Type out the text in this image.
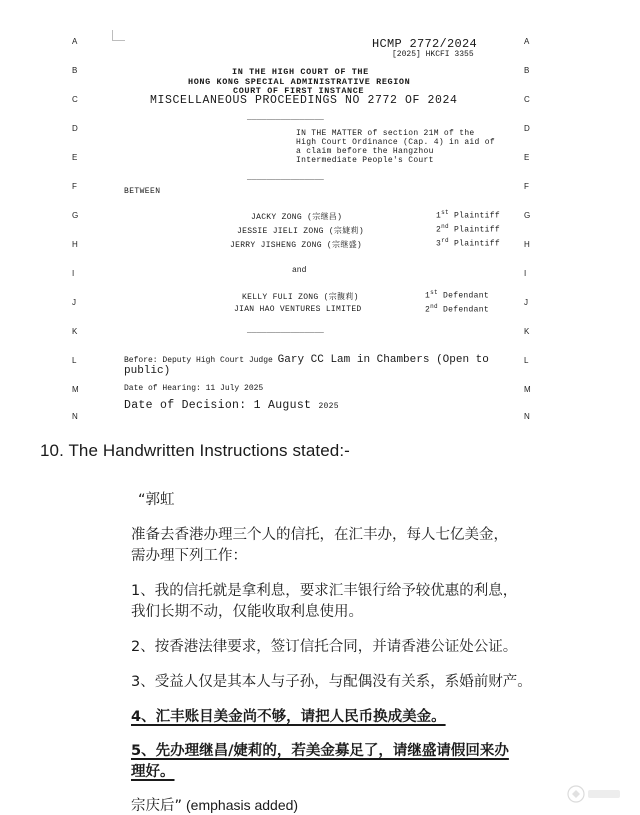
A
B
C
D
E
F
G
H
I
J
K
L
M
N
A
B
C
D
E
F
G
H
I
J
K
L
M
N
HCMP 2772/2024
[2025] HKCFI 3355
IN THE HIGH COURT OF THE
HONG KONG SPECIAL ADMINISTRATIVE REGION
COURT OF FIRST INSTANCE
MISCELLANEOUS PROCEEDINGS NO 2772 OF 2024
________________
IN THE MATTER of section 21M of the High Court Ordinance (Cap. 4) in aid of a claim before the Hangzhou Intermediate People's Court
________________
BETWEEN
JACKY ZONG (宗继昌)	1st Plaintiff
JESSIE JIELI ZONG (宗婕莉)	2nd Plaintiff
JERRY JISHENG ZONG (宗继盛)	3rd Plaintiff
and
KELLY FULI ZONG (宗馥莉)	1st Defendant
JIAN HAO VENTURES LIMITED	2nd Defendant
________________
Before: Deputy High Court Judge Gary CC Lam in Chambers (Open to public)
Date of Hearing: 11 July 2025
Date of Decision: 1 August 2025
10. The Handwritten Instructions stated:-
“郭虹
准备去香港办理三个人的信托，在汇丰办，每人七亿美金，
需办理下列工作：
1、我的信托就是拿利息，要求汇丰银行给予较优惠的利息，
我们长期不动，仅能收取利息使用。
2、按香港法律要求，签订信托合同，并请香港公证处公证。
3、受益人仅是其本人与子孙，与配偶没有关系，系婚前财产。
4、汇丰账目美金尚不够，请把人民币换成美金。
5、先办理继昌/婕莉的，若美金募足了，请继盛请假回来办
理好。
宗庆后” (emphasis added)
